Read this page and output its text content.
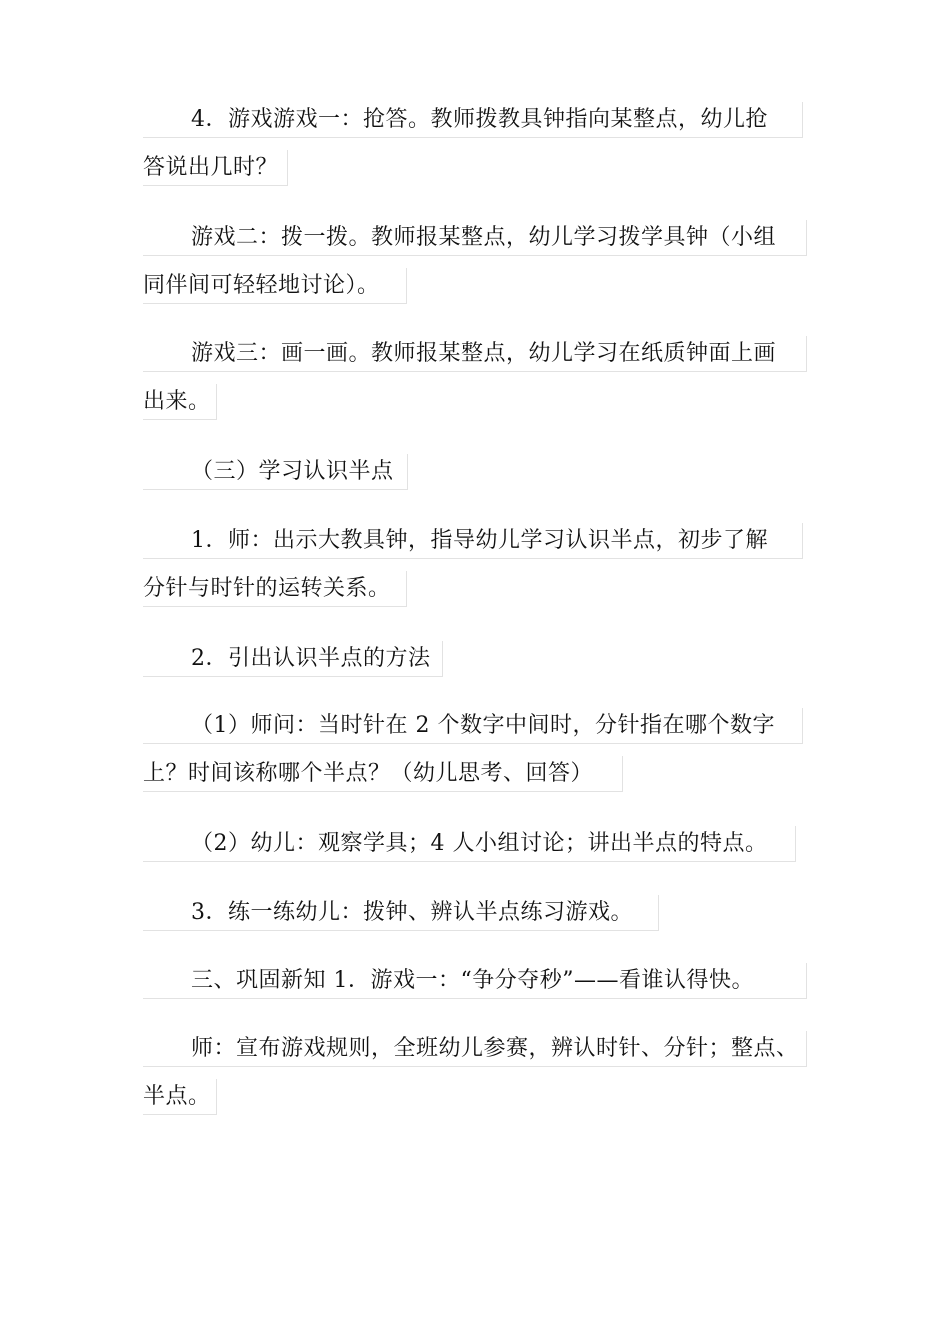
4．游戏游戏一：抢答。教师拨教具钟指向某整点，幼儿抢
答说出几时？
游戏二：拨一拨。教师报某整点，幼儿学习拨学具钟（小组
同伴间可轻轻地讨论）。
游戏三：画一画。教师报某整点，幼儿学习在纸质钟面上画
出来。
（三）学习认识半点
1．师：出示大教具钟，指导幼儿学习认识半点，初步了解
分针与时针的运转关系。
2．引出认识半点的方法
（1）师问：当时针在 2 个数字中间时，分针指在哪个数字
上？时间该称哪个半点？（幼儿思考、回答）
（2）幼儿：观察学具；4 人小组讨论；讲出半点的特点。
3．练一练幼儿：拨钟、辨认半点练习游戏。
三、巩固新知 1．游戏一：“争分夺秒”——看谁认得快。
师：宣布游戏规则，全班幼儿参赛，辨认时针、分针；整点、
半点。
